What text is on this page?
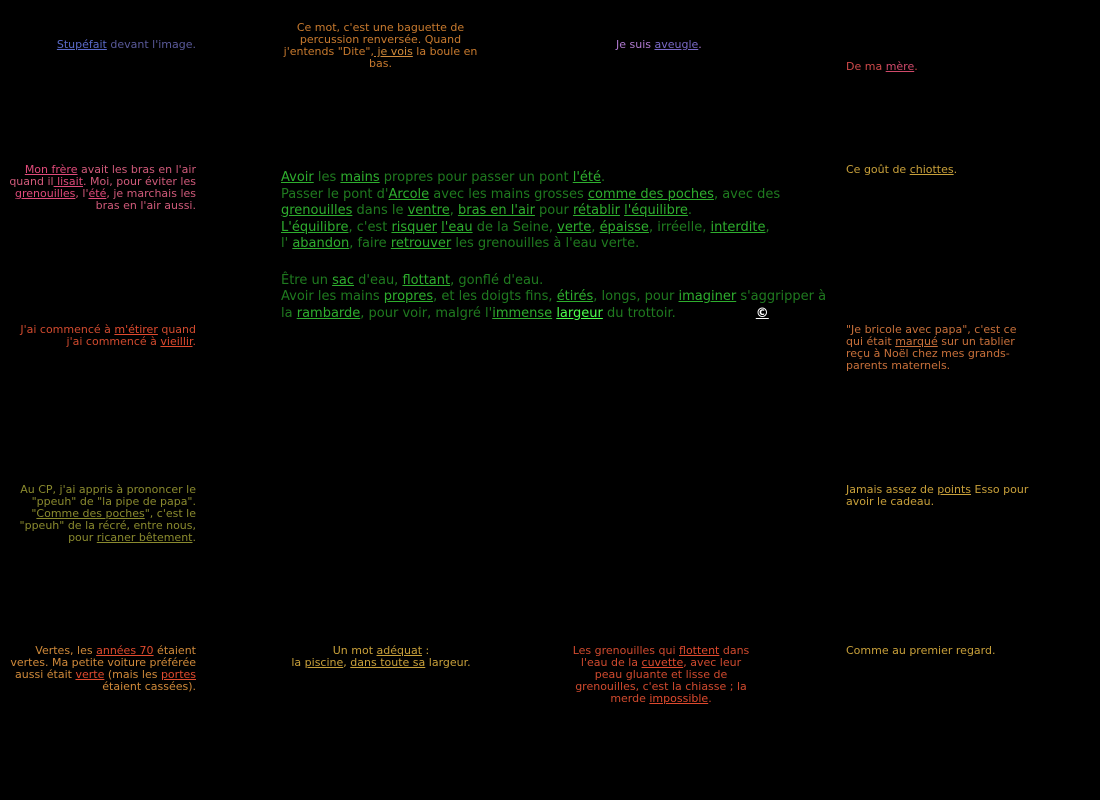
Stupéfait devant l'image.
Ce mot, c'est une baguette de percussion renversée. Quand j'entends "Dite", je vois la boule en bas.
Je suis aveugle.
De ma mère.
Mon frère avait les bras en l'air quand il lisait. Moi, pour éviter les grenouilles, l'été, je marchais les bras en l'air aussi.

Avoir les mains propres pour passer un pont l'été.
Passer le pont d'Arcole avec les mains grosses comme des poches, avec des
grenouilles dans le ventre, bras en l'air pour rétablir l'équilibre.
L'équilibre, c'est risquer l'eau de la Seine, verte, épaisse, irréelle, interdite,
l' abandon, faire retrouver les grenouilles à l'eau verte.

Être un sac d'eau, flottant, gonflé d'eau.
Avoir les mains propres, et les doigts fins, étirés, longs, pour imaginer s'aggripper à
la rambarde, pour voir, malgré l'immense largeur du trottoir.	©

Ce goût de chiottes.
J'ai commencé à m'étirer quand j'ai commencé à vieillir.
"Je bricole avec papa", c'est ce qui était marqué sur un tablier reçu à Noël chez mes grands-parents maternels.
Au CP, j'ai appris à prononcer le "ppeuh" de "la pipe de papa". "Comme des poches", c'est le "ppeuh" de la récré, entre nous, pour ricaner bêtement.
Jamais assez de points Esso pour avoir le cadeau.
Vertes, les années 70 étaient vertes. Ma petite voiture préférée aussi était verte (mais les portes étaient cassées).
Un mot adéquat :
la piscine, dans toute sa largeur.
Les grenouilles qui flottent dans l'eau de la cuvette, avec leur peau gluante et lisse de grenouilles, c'est la chiasse ; la merde impossible.
Comme au premier regard.
